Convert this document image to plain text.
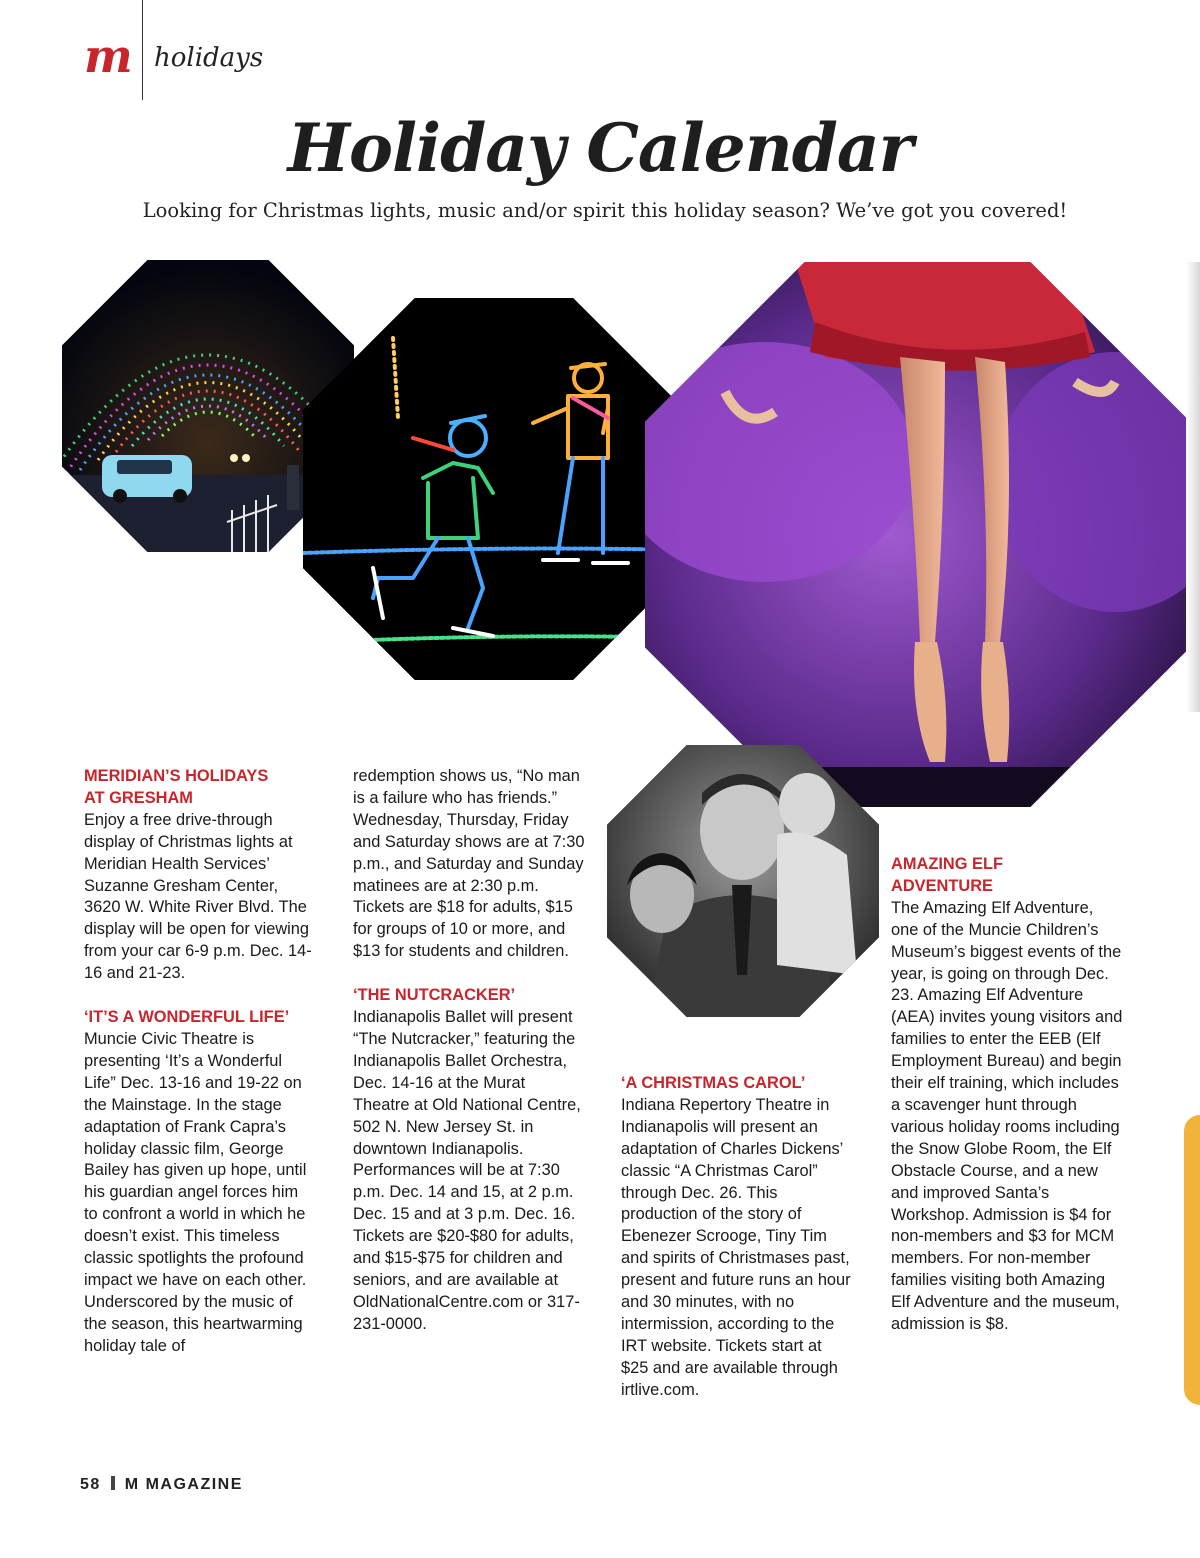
m holidays
Holiday Calendar
Looking for Christmas lights, music and/or spirit this holiday season? We’ve got you covered!
MERIDIAN’S HOLIDAYS
AT GRESHAM
Enjoy a free drive-through display of Christmas lights at Meridian Health Services’ Suzanne Gresham Center, 3620 W. White River Blvd. The display will be open for viewing from your car 6-9 p.m. Dec. 14-16 and 21-23.
‘IT’S A WONDERFUL LIFE’
Muncie Civic Theatre is presenting ‘It’s a Wonderful Life” Dec. 13-16 and 19-22 on the Mainstage. In the stage adaptation of Frank Capra’s holiday classic film, George Bailey has given up hope, until his guardian angel forces him to confront a world in which he doesn’t exist. This timeless classic spotlights the profound impact we have on each other. Underscored by the music of the season, this heartwarming holiday tale of
redemption shows us, “No man is a failure who has friends.” Wednesday, Thursday, Friday and Saturday shows are at 7:30 p.m., and Saturday and Sunday matinees are at 2:30 p.m. Tickets are $18 for adults, $15 for groups of 10 or more, and $13 for students and children.
‘THE NUTCRACKER’
Indianapolis Ballet will present “The Nutcracker,” featuring the Indianapolis Ballet Orchestra, Dec. 14-16 at the Murat Theatre at Old National Centre, 502 N. New Jersey St. in downtown Indianapolis. Performances will be at 7:30 p.m. Dec. 14 and 15, at 2 p.m. Dec. 15 and at 3 p.m. Dec. 16. Tickets are $20-$80 for adults, and $15-$75 for children and seniors, and are available at OldNationalCentre.com or 317-231-0000.
‘A CHRISTMAS CAROL’
Indiana Repertory Theatre in Indianapolis will present an adaptation of Charles Dickens’ classic “A Christmas Carol” through Dec. 26. This production of the story of Ebenezer Scrooge, Tiny Tim and spirits of Christmases past, present and future runs an hour and 30 minutes, with no intermission, according to the IRT website. Tickets start at $25 and are available through irtlive.com.
AMAZING ELF
ADVENTURE
The Amazing Elf Adventure, one of the Muncie Children’s Museum’s biggest events of the year, is going on through Dec. 23. Amazing Elf Adventure (AEA) invites young visitors and families to enter the EEB (Elf Employment Bureau) and begin their elf training, which includes a scavenger hunt through various holiday rooms including the Snow Globe Room, the Elf Obstacle Course, and a new and improved Santa’s Workshop. Admission is $4 for non-members and $3 for MCM members. For non-member families visiting both Amazing Elf Adventure and the museum, admission is $8.
58 M MAGAZINE
